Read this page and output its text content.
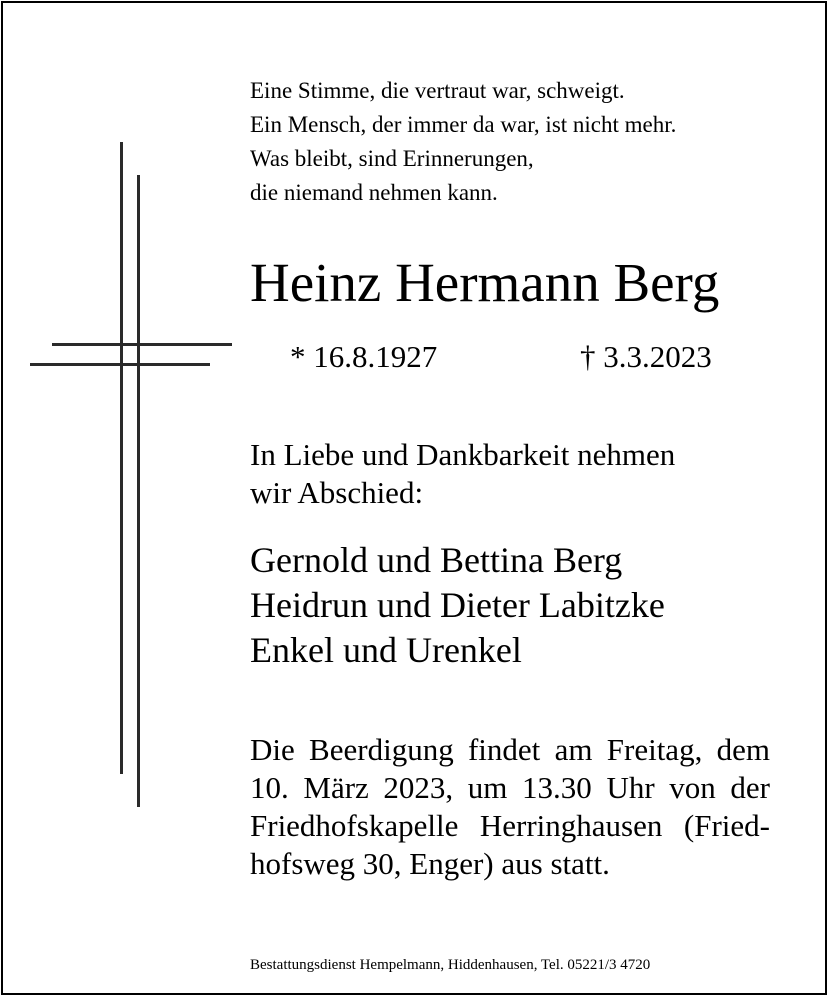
Eine Stimme, die vertraut war, schweigt.
Ein Mensch, der immer da war, ist nicht mehr.
Was bleibt, sind Erinnerungen,
die niemand nehmen kann.
Heinz Hermann Berg
* 16.8.1927	† 3.3.2023
In Liebe und Dankbarkeit nehmen
wir Abschied:
Gernold und Bettina Berg
Heidrun und Dieter Labitzke
Enkel und Urenkel
Die Beerdigung findet am Freitag, dem
10. März 2023, um 13.30 Uhr von der
Friedhofskapelle Herringhausen (Fried-
hofsweg 30, Enger) aus statt.
Bestattungsdienst Hempelmann, Hiddenhausen, Tel. 05221/3 4720
